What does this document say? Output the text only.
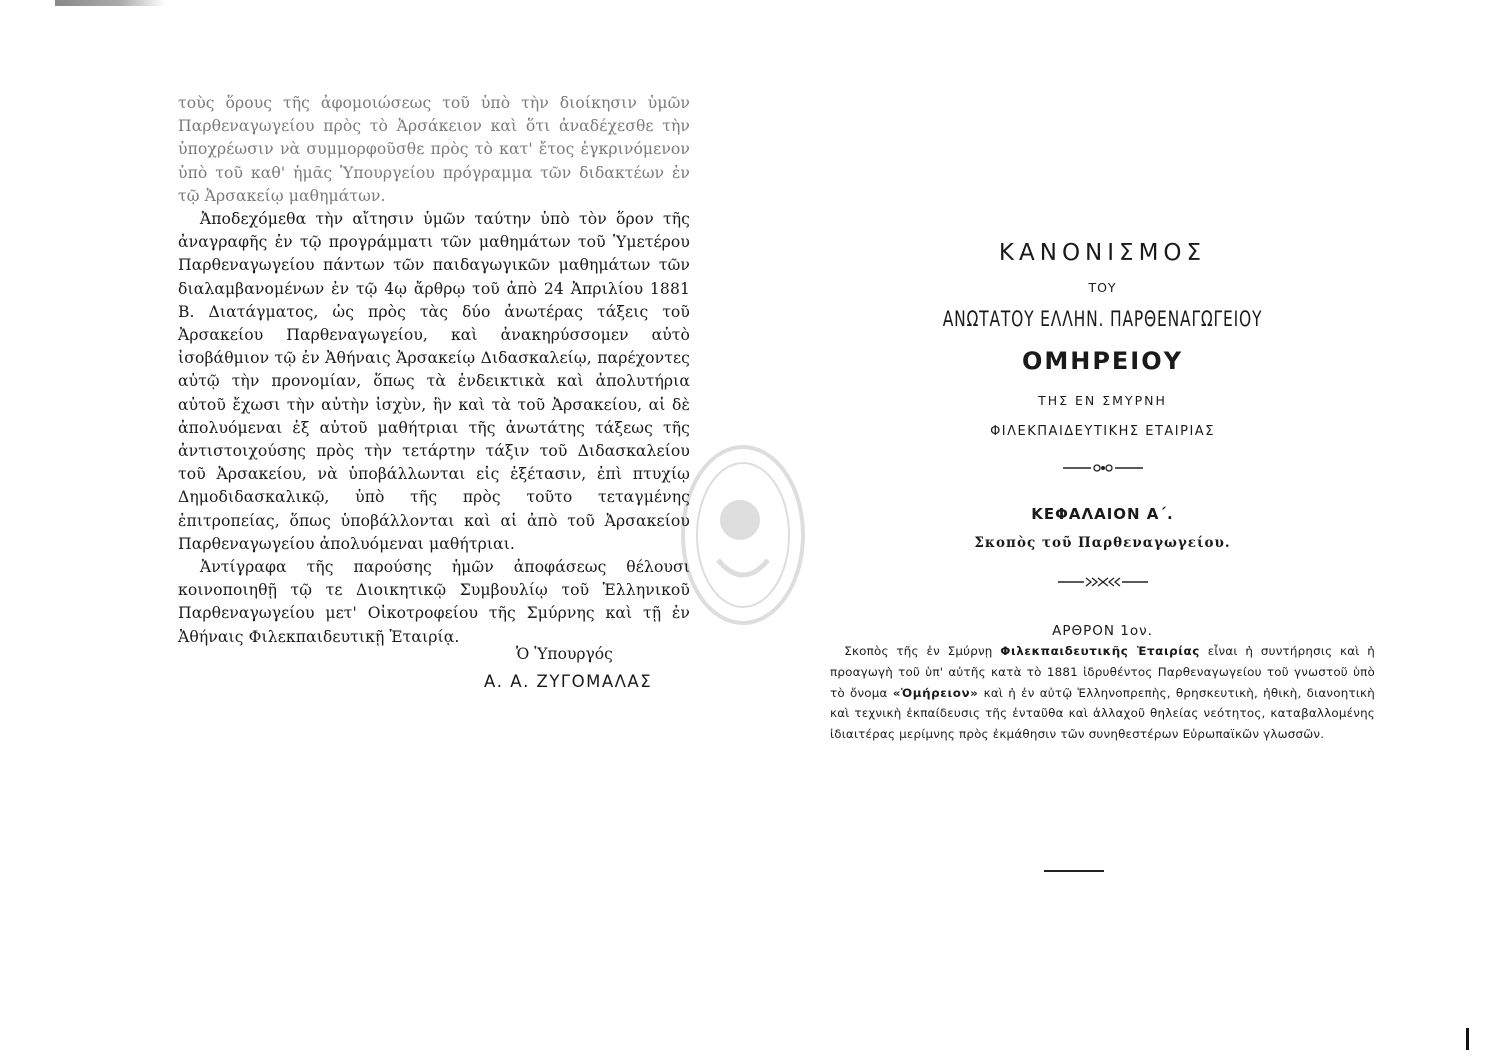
τοὺς ὅρους τῆς ἀφομοιώσεως τοῦ ὑπὸ τὴν διοίκησιν ὑμῶν Παρθεναγωγείου πρὸς τὸ Ἀρσάκειον καὶ ὅτι ἀναδέχεσθε τὴν ὑποχρέωσιν νὰ συμμορφοῦσθε πρὸς τὸ κατ' ἔτος ἐγκρινόμενον ὑπὸ τοῦ καθ' ἡμᾶς Ὑπουργείου πρόγραμμα τῶν διδακτέων ἐν τῷ Ἀρσακείῳ μαθημάτων.

Ἀποδεχόμεθα τὴν αἴτησιν ὑμῶν ταύτην ὑπὸ τὸν ὅρον τῆς ἀναγραφῆς ἐν τῷ προγράμματι τῶν μαθημάτων τοῦ Ὑμετέρου Παρθεναγωγείου πάντων τῶν παιδαγωγικῶν μαθημάτων τῶν διαλαμβανομένων ἐν τῷ 4ῳ ἄρθρῳ τοῦ ἀπὸ 24 Ἀπριλίου 1881 Β. Διατάγματος, ὡς πρὸς τὰς δύο ἀνωτέρας τάξεις τοῦ Ἀρσακείου Παρθεναγωγείου, καὶ ἀνακηρύσσομεν αὐτὸ ἰσοβάθμιον τῷ ἐν Ἀθήναις Ἀρσακείῳ Διδασκαλείῳ, παρέχοντες αὐτῷ τὴν προνομίαν, ὅπως τὰ ἐνδεικτικὰ καὶ ἀπολυτήρια αὐτοῦ ἔχωσι τὴν αὐτὴν ἰσχὺν, ἣν καὶ τὰ τοῦ Ἀρσακείου, αἱ δὲ ἀπολυόμεναι ἐξ αὐτοῦ μαθήτριαι τῆς ἀνωτάτης τάξεως τῆς ἀντιστοιχούσης πρὸς τὴν τετάρτην τάξιν τοῦ Διδασκαλείου τοῦ Ἀρσακείου, νὰ ὑποβάλλωνται εἰς ἐξέτασιν, ἐπὶ πτυχίῳ Δημοδιδασκαλικῷ, ὑπὸ τῆς πρὸς τοῦτο τεταγμένης ἐπιτροπείας, ὅπως ὑποβάλλονται καὶ αἱ ἀπὸ τοῦ Ἀρσακείου Παρθεναγωγείου ἀπολυόμεναι μαθήτριαι.

Ἀντίγραφα τῆς παρούσης ἡμῶν ἀποφάσεως θέλουσι κοινοποιηθῇ τῷ τε Διοικητικῷ Συμβουλίῳ τοῦ Ἑλληνικοῦ Παρθεναγωγείου μετ' Οἰκοτροφείου τῆς Σμύρνης καὶ τῇ ἐν Ἀθήναις Φιλεκπαιδευτικῇ Ἑταιρίᾳ.

Ὁ Ὑπουργός
Α. Α. ΖΥΓΟΜΑΛΑΣ
ΚΑΝΟΝΙΣΜΟΣ
ΤΟΥ
ΑΝΩΤΑΤΟΥ ΕΛΛΗΝ. ΠΑΡΘΕΝΑΓΩΓΕΙΟΥ
ΟΜΗΡΕΙΟΥ
ΤΗΣ ΕΝ ΣΜΥΡΝΗ
ΦΙΛΕΚΠΑΙΔΕΥΤΙΚΗΣ ΕΤΑΙΡΙΑΣ
ΚΕΦΑΛΑΙΟΝ Α΄.
Σκοπὸς τοῦ Παρθεναγωγείου.
ΑΡΘΡΟΝ 1ον.

Σκοπὸς τῆς ἐν Σμύρνῃ Φιλεκπαιδευτικῆς Ἑταιρίας εἶναι ἡ συντήρησις καὶ ἡ προαγωγὴ τοῦ ὑπ' αὐτῆς κατὰ τὸ 1881 ἱδρυθέντος Παρθεναγωγείου τοῦ γνωστοῦ ὑπὸ τὸ ὄνομα «Ὁμήρειον» καὶ ἡ ἐν αὐτῷ Ἑλληνοπρεπὴς, θρησκευτικὴ, ἠθικὴ, διανοητικὴ καὶ τεχνικὴ ἐκπαίδευσις τῆς ἐνταῦθα καὶ ἀλλαχοῦ θηλείας νεότητος, καταβαλλομένης ἰδιαιτέρας μερίμνης πρὸς ἐκμάθησιν τῶν συνηθεστέρων Εὐρωπαϊκῶν γλωσσῶν.
